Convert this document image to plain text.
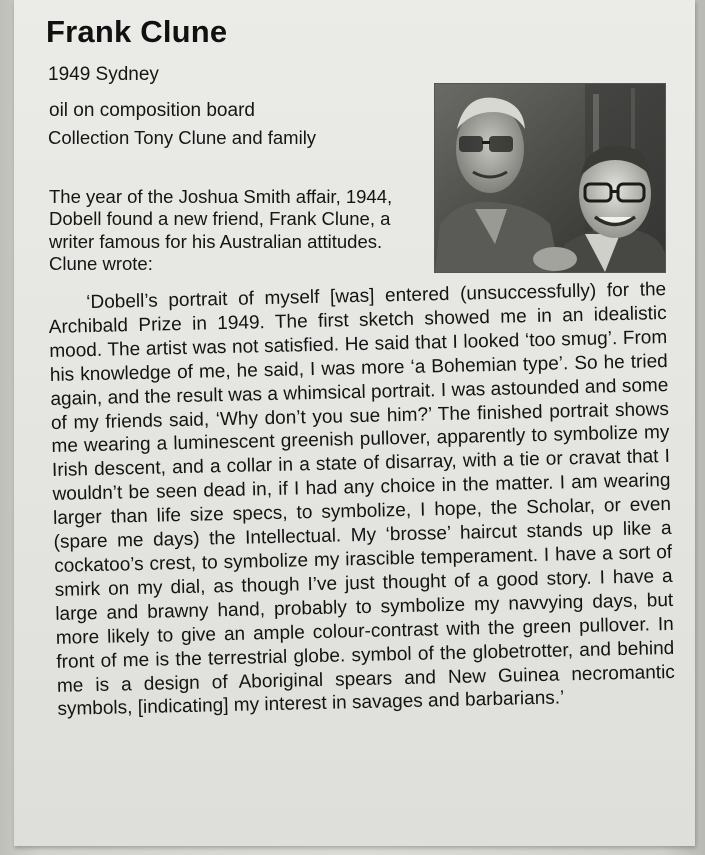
Frank Clune

1949 Sydney

oil on composition board

Collection Tony Clune and family

The year of the Joshua Smith affair, 1944, Dobell found a new friend, Frank Clune, a writer famous for his Australian attitudes. Clune wrote:

‘Dobell’s portrait of myself [was] entered (unsuccessfully) for the Archibald Prize in 1949. The first sketch showed me in an idealistic mood. The artist was not satisfied. He said that I looked ‘too smug’. From his knowledge of me, he said, I was more ‘a Bohemian type’. So he tried again, and the result was a whimsical portrait. I was astounded and some of my friends said, ‘Why don’t you sue him?’ The finished portrait shows me wearing a luminescent greenish pullover, apparently to symbolize my Irish descent, and a collar in a state of disarray, with a tie or cravat that I wouldn’t be seen dead in, if I had any choice in the matter. I am wearing larger than life size specs, to symbolize, I hope, the Scholar, or even (spare me days) the Intellectual. My ‘brosse’ haircut stands up like a cockatoo’s crest, to symbolize my irascible temperament. I have a sort of smirk on my dial, as though I’ve just thought of a good story. I have a large and brawny hand, probably to symbolize my navvying days, but more likely to give an ample colour-contrast with the green pullover. In front of me is the terrestrial globe. symbol of the globetrotter, and behind me is a design of Aboriginal spears and New Guinea necromantic symbols, [indicating] my interest in savages and barbarians.’
